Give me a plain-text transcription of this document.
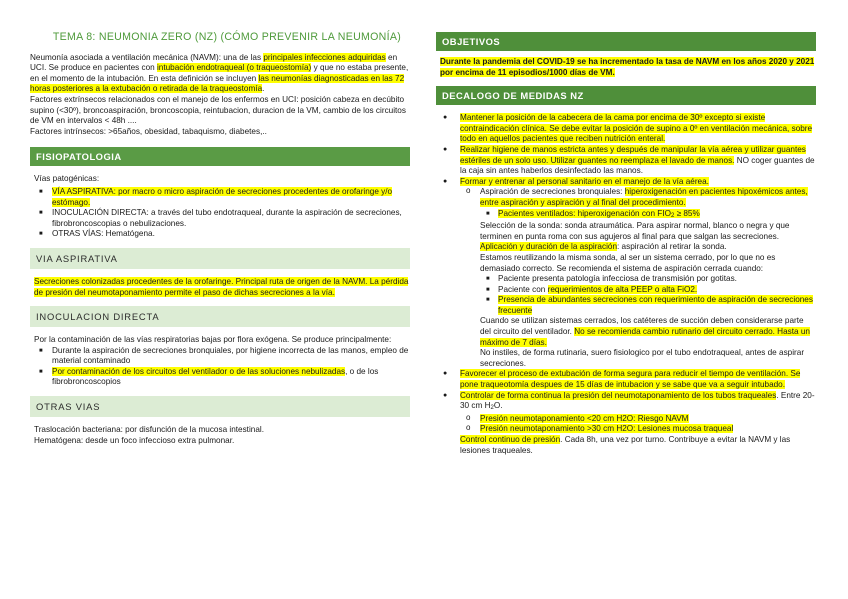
TEMA 8: NEUMONIA ZERO (NZ) (CÓMO PREVENIR LA NEUMONÍA)

Neumonía asociada a ventilación mecánica (NAVM): una de las principales infecciones adquiridas en UCI. Se produce en pacientes con intubación endotraqueal (o traqueostomía) y que no estaba presente, en el momento de la intubación. En esta definición se incluyen las neumonías diagnosticadas en las 72 horas posteriores a la extubación o retirada de la traqueostomía.

Factores extrínsecos relacionados con el manejo de los enfermos en UCI: posición cabeza en decúbito supino (<30º), broncoaspiración, broncoscopia, reintubacion, duracion de la VM, cambio de los circuitos de VM en intervalos < 48h ....

Factores intrínsecos: >65años, obesidad, tabaquismo, diabetes,..

FISIOPATOLOGIA

Vías patogénicas:

■ VÍA ASPIRATIVA: por macro o micro aspiración de secreciones procedentes de orofaringe y/o estómago.
■ INOCULACIÓN DIRECTA: a través del tubo endotraqueal, durante la aspiración de secreciones, fibrobroncoscopias o nebulizaciones.
■ OTRAS VÍAS: Hematógena.
VIA ASPIRATIVA

Secreciones colonizadas procedentes de la orofaringe. Principal ruta de origen de la NAVM. La pérdida de presión del neumotaponamiento permite el paso de dichas secreciones a la vía.

INOCULACION DIRECTA

Por la contaminación de las vías respiratorias bajas por flora exógena. Se produce principalmente:

■ Durante la aspiración de secreciones bronquiales, por higiene incorrecta de las manos, empleo de material contaminado
■ Por contaminación de los circuitos del ventilador o de las soluciones nebulizadas, o de los fibrobroncoscopios
OTRAS VIAS

Traslocación bacteriana: por disfunción de la mucosa intestinal.

Hematógena: desde un foco infeccioso extra pulmonar.

OBJETIVOS

Durante la pandemia del COVID-19 se ha incrementado la tasa de NAVM en los años 2020 y 2021 por encima de 11 episodios/1000 días de VM.

DECALOGO DE MEDIDAS NZ
● Mantener la posición de la cabecera de la cama por encima de 30º excepto si existe contraindicación clínica. Se debe evitar la posición de supino a 0º en ventilación mecánica, sobre todo en aquellos pacientes que reciben nutrición enteral.
● Realizar higiene de manos estricta antes y después de manipular la vía aérea y utilizar guantes estériles de un solo uso. Utilizar guantes no reemplaza el lavado de manos. NO coger guantes de la caja sin antes haberlos desinfectado las manos.
● Formar y entrenar al personal sanitario en el manejo de la vía aérea.
o Aspiración de secreciones bronquiales: hiperoxigenación en pacientes hipoxémicos antes, entre aspiración y aspiración y al final del procedimiento.
■ Pacientes ventilados: hiperoxigenación con FIO2 ≥ 85%

Selección de la sonda: sonda atraumática. Para aspirar normal, blanco o negra y que terminen en punta roma con sus agujeros al final para que salgan las secreciones.

Aplicación y duración de la aspiración: aspiración al retirar la sonda.

Estamos reutilizando la misma sonda, al ser un sistema cerrado, por lo que no es demasiado correcto. Se recomienda el sistema de aspiración cerrada cuando:

■ Paciente presenta patología infecciosa de transmisión por gotitas.
■ Paciente con requerimientos de alta PEEP o alta FiO2.
■ Presencia de abundantes secreciones con requerimiento de aspiración de secreciones frecuente

Cuando se utilizan sistemas cerrados, los catéteres de succión deben considerarse parte del circuito del ventilador. No se recomienda cambio rutinario del circuito cerrado. Hasta un máximo de 7 días.

No instiles, de forma rutinaria, suero fisiologico por el tubo endotraqueal, antes de aspirar secreciones.

● Favorecer el proceso de extubación de forma segura para reducir el tiempo de ventilación. Se pone traqueotomía despues de 15 días de intubacion y se sabe que va a seguir intubado.
● Controlar de forma continua la presión del neumotaponamiento de los tubos traqueales. Entre 20-30 cm H2O.
o Presión neumotaponamiento <20 cm H2O: Riesgo NAVM
o Presión neumotaponamiento >30 cm H2O: Lesiones mucosa traqueal

Control continuo de presión. Cada 8h, una vez por turno. Contribuye a evitar la NAVM y las lesiones traqueales.
